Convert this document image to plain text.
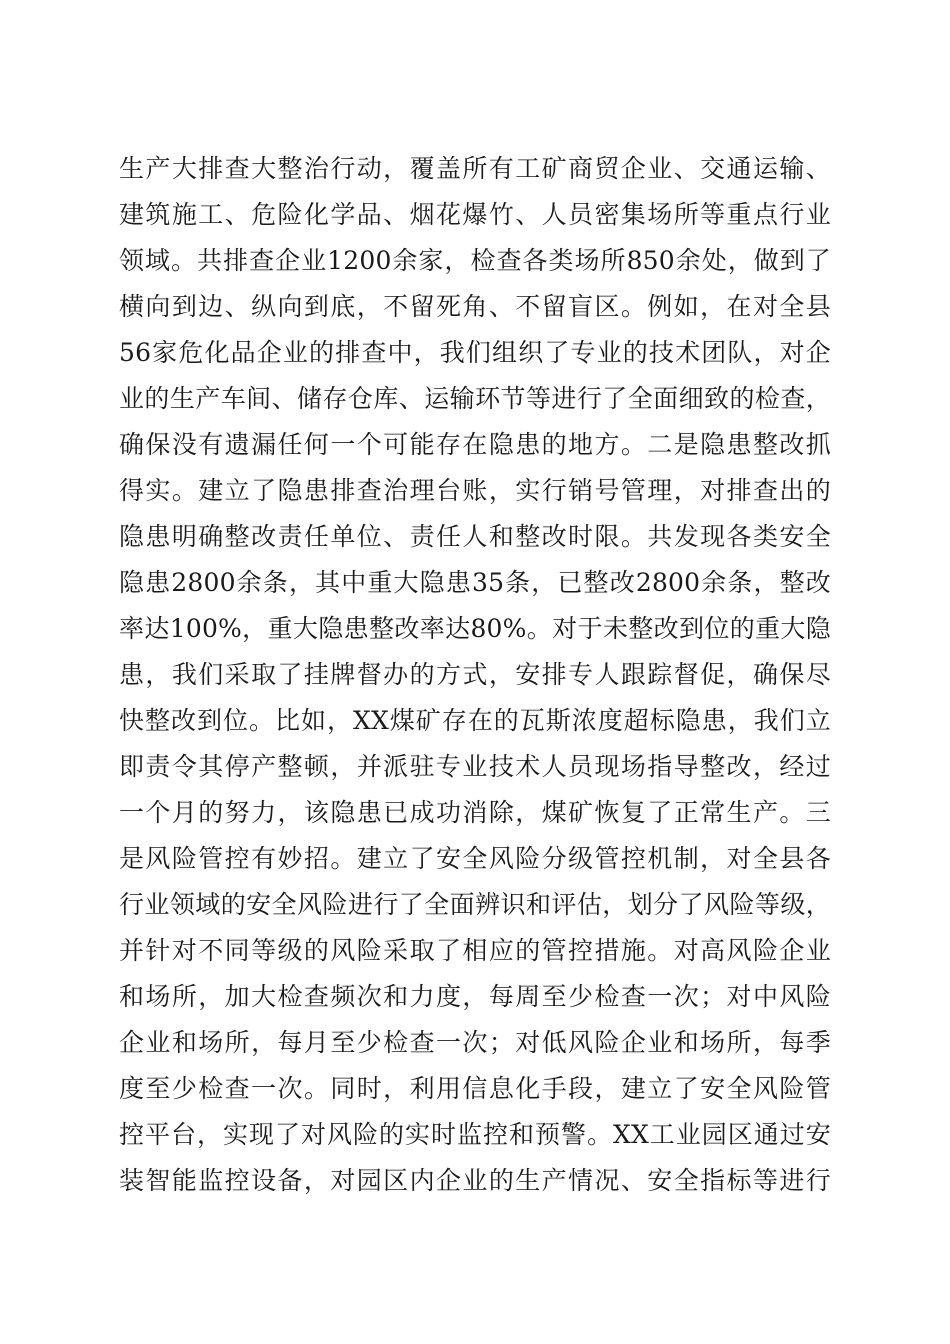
生产大排查大整治行动，覆盖所有工矿商贸企业、交通运输、
建筑施工、危险化学品、烟花爆竹、人员密集场所等重点行业
领域。共排查企业1200余家，检查各类场所850余处，做到了
横向到边、纵向到底，不留死角、不留盲区。例如，在对全县
56家危化品企业的排查中，我们组织了专业的技术团队，对企
业的生产车间、储存仓库、运输环节等进行了全面细致的检查，
确保没有遗漏任何一个可能存在隐患的地方。二是隐患整改抓
得实。建立了隐患排查治理台账，实行销号管理，对排查出的
隐患明确整改责任单位、责任人和整改时限。共发现各类安全
隐患2800余条，其中重大隐患35条，已整改2800余条，整改
率达100%，重大隐患整改率达80%。对于未整改到位的重大隐
患，我们采取了挂牌督办的方式，安排专人跟踪督促，确保尽
快整改到位。比如，XX煤矿存在的瓦斯浓度超标隐患，我们立
即责令其停产整顿，并派驻专业技术人员现场指导整改，经过
一个月的努力，该隐患已成功消除，煤矿恢复了正常生产。三
是风险管控有妙招。建立了安全风险分级管控机制，对全县各
行业领域的安全风险进行了全面辨识和评估，划分了风险等级，
并针对不同等级的风险采取了相应的管控措施。对高风险企业
和场所，加大检查频次和力度，每周至少检查一次；对中风险
企业和场所，每月至少检查一次；对低风险企业和场所，每季
度至少检查一次。同时，利用信息化手段，建立了安全风险管
控平台，实现了对风险的实时监控和预警。XX工业园区通过安
装智能监控设备，对园区内企业的生产情况、安全指标等进行
